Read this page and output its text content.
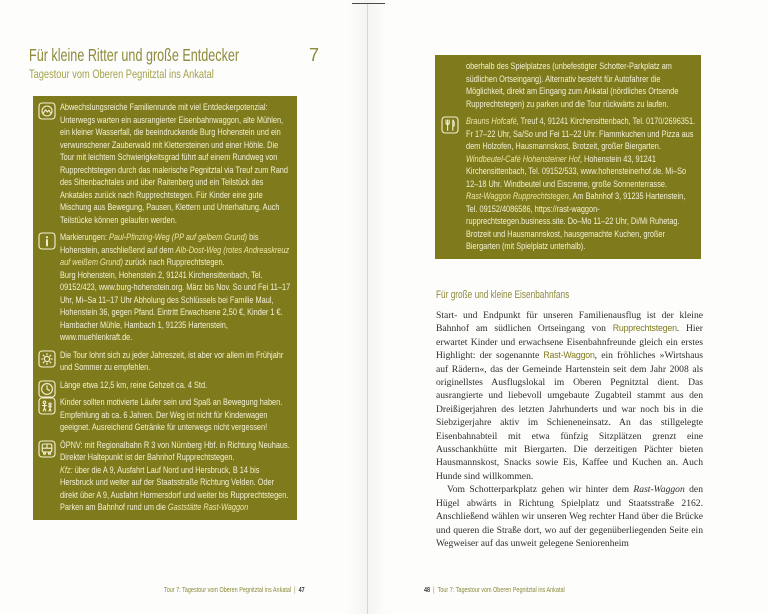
Für kleine Ritter und große Entdecker	7
Tagestour vom Oberen Pegnitztal ins Ankatal

Abwechslungsreiche Familienrunde mit viel Entdeckerpotenzial: Unterwegs warten ein ausrangierter Eisenbahnwaggon, alte Mühlen, ein kleiner Wasserfall, die beeindruckende Burg Hohenstein und ein verwunschener Zauberwald mit Klettersteinen und einer Höhle. Die Tour mit leichtem Schwierigkeitsgrad führt auf einem Rundweg von Rupprechtstegen durch das malerische Pegnitztal via Treuf zum Rand des Sittenbachtales und über Raitenberg und ein Teilstück des Ankatales zurück nach Rupprechtstegen. Für Kinder eine gute Mischung aus Bewegung, Pausen, Klettern und Unterhaltung. Auch Teilstücke können gelaufen werden.

Markierungen: Paul-Pfinzing-Weg (PP auf gelbem Grund) bis Hohenstein, anschließend auf dem Alb-Dost-Weg (rotes Andreaskreuz auf weißem Grund) zurück nach Rupprechtstegen.

Burg Hohenstein, Hohenstein 2, 91241 Kirchensittenbach, Tel. 09152/423, www.burg-hohenstein.org. März bis Nov. So und Fei 11–17 Uhr, Mi–Sa 11–17 Uhr Abholung des Schlüssels bei Familie Maul, Hohenstein 36, gegen Pfand. Eintritt Erwachsene 2,50 €, Kinder 1 €.

Hambacher Mühle, Hambach 1, 91235 Hartenstein, www.muehlenkraft.de.

Die Tour lohnt sich zu jeder Jahreszeit, ist aber vor allem im Frühjahr und Sommer zu empfehlen.

Länge etwa 12,5 km, reine Gehzeit ca. 4 Std.

Kinder sollten motivierte Läufer sein und Spaß an Bewegung haben. Empfehlung ab ca. 6 Jahren. Der Weg ist nicht für Kinderwagen geeignet. Ausreichend Getränke für unterwegs nicht vergessen!

ÖPNV: mit Regionalbahn R 3 von Nürnberg Hbf. in Richtung Neuhaus. Direkter Haltepunkt ist der Bahnhof Rupprechtstegen.

Kfz: über die A 9, Ausfahrt Lauf Nord und Hersbruck, B 14 bis Hersbruck und weiter auf der Staatsstraße Richtung Velden. Oder direkt über A 9, Ausfahrt Hormersdorf und weiter bis Rupprechtstegen. Parken am Bahnhof rund um die Gaststätte Rast-Waggon

Tour 7: Tagestour vom Oberen Pegnitztal ins Ankatal | 47

oberhalb des Spielplatzes (unbefestigter Schotter-Parkplatz am südlichen Ortseingang). Alternativ besteht für Autofahrer die Möglichkeit, direkt am Eingang zum Ankatal (nördliches Ortsende Rupprechtstegen) zu parken und die Tour rückwärts zu laufen.

Brauns Hofcafé, Treuf 4, 91241 Kirchensittenbach, Tel. 0170/2696351. Fr 17–22 Uhr, Sa/So und Fei 11–22 Uhr. Flammkuchen und Pizza aus dem Holzofen, Hausmannskost, Brotzeit, großer Biergarten.

Windbeutel-Café Hohensteiner Hof, Hohenstein 43, 91241 Kirchensittenbach, Tel. 09152/533, www.hohensteinerhof.de. Mi–So 12–18 Uhr. Windbeutel und Eiscreme, große Sonnenterrasse.

Rast-Waggon Rupprechtstegen, Am Bahnhof 3, 91235 Hartenstein, Tel. 09152/4086586, https://rast-waggon-rupprechtstegen.business.site. Do–Mo 11–22 Uhr, Di/Mi Ruhetag. Brotzeit und Hausmannskost, hausgemachte Kuchen, großer Biergarten (mit Spielplatz unterhalb).

Für große und kleine Eisenbahnfans

Start- und Endpunkt für unseren Familienausflug ist der kleine Bahnhof am südlichen Ortseingang von Rupprechtstegen. Hier erwartet Kinder und erwachsene Eisenbahnfreunde gleich ein erstes Highlight: der sogenannte Rast-Waggon, ein fröhliches »Wirtshaus auf Rädern«, das der Gemeinde Hartenstein seit dem Jahr 2008 als originellstes Ausflugslokal im Oberen Pegnitztal dient. Das ausrangierte und liebevoll umgebaute Zugabteil stammt aus den Dreißigerjahren des letzten Jahrhunderts und war noch bis in die Siebzigerjahre aktiv im Schieneneinsatz. An das stillgelegte Eisenbahnabteil mit etwa fünfzig Sitzplätzen grenzt eine Ausschankhütte mit Biergarten. Die derzeitigen Pächter bieten Hausmannskost, Snacks sowie Eis, Kaffee und Kuchen an. Auch Hunde sind willkommen.

Vom Schotterparkplatz gehen wir hinter dem Rast-Waggon den Hügel abwärts in Richtung Spielplatz und Staatsstraße 2162. Anschließend wählen wir unseren Weg rechter Hand über die Brücke und queren die Straße dort, wo auf der gegenüberliegenden Seite ein Wegweiser auf das unweit gelegene Seniorenheim

48 | Tour 7: Tagestour vom Oberen Pegnitztal ins Ankatal
